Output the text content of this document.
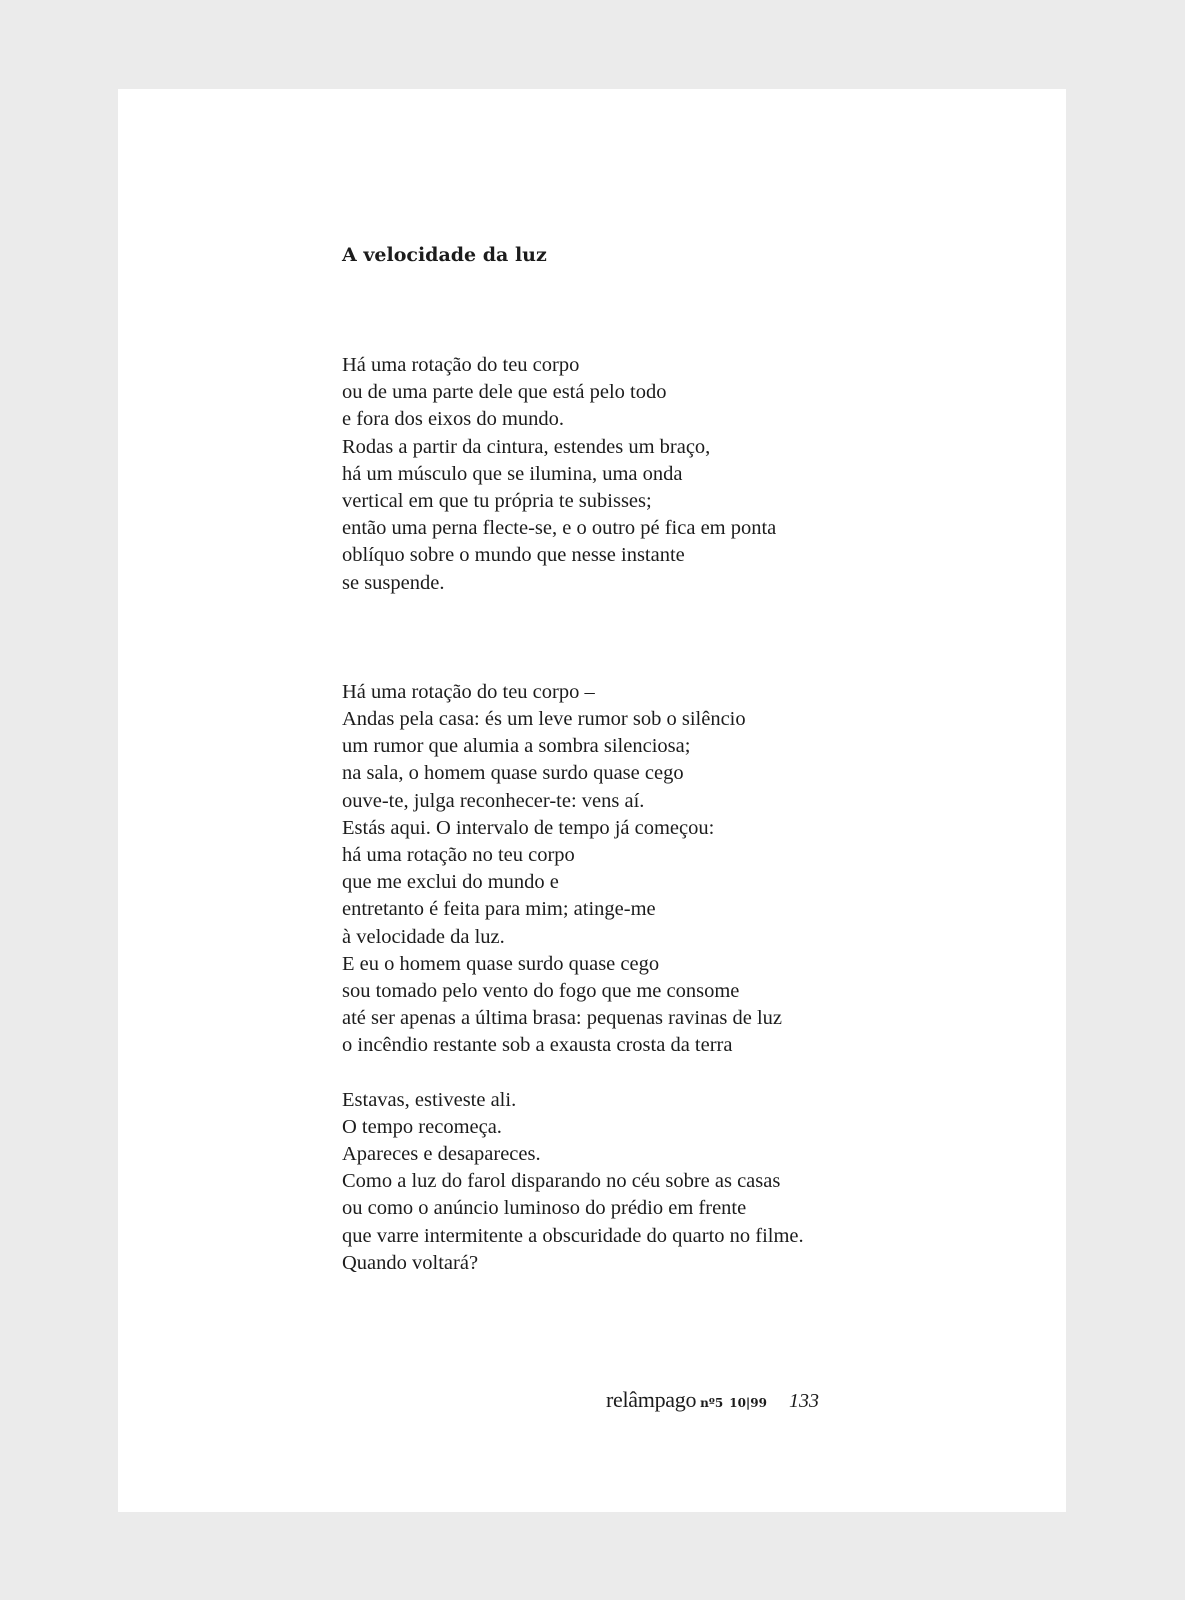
A velocidade da luz
Há uma rotação do teu corpo
ou de uma parte dele que está pelo todo
e fora dos eixos do mundo.
Rodas a partir da cintura, estendes um braço,
há um músculo que se ilumina, uma onda
vertical em que tu própria te subisses;
então uma perna flecte-se, e o outro pé fica em ponta
oblíquo sobre o mundo que nesse instante
se suspende.
Há uma rotação do teu corpo –
Andas pela casa: és um leve rumor sob o silêncio
um rumor que alumia a sombra silenciosa;
na sala, o homem quase surdo quase cego
ouve-te, julga reconhecer-te: vens aí.
Estás aqui. O intervalo de tempo já começou:
há uma rotação no teu corpo
que me exclui do mundo e
entretanto é feita para mim; atinge-me
à velocidade da luz.
E eu o homem quase surdo quase cego
sou tomado pelo vento do fogo que me consome
até ser apenas a última brasa: pequenas ravinas de luz
o incêndio restante sob a exausta crosta da terra
Estavas, estiveste ali.
O tempo recomeça.
Apareces e desapareces.
Como a luz do farol disparando no céu sobre as casas
ou como o anúncio luminoso do prédio em frente
que varre intermitente a obscuridade do quarto no filme.
Quando voltará?
relâmpago nº5 10|99 133
